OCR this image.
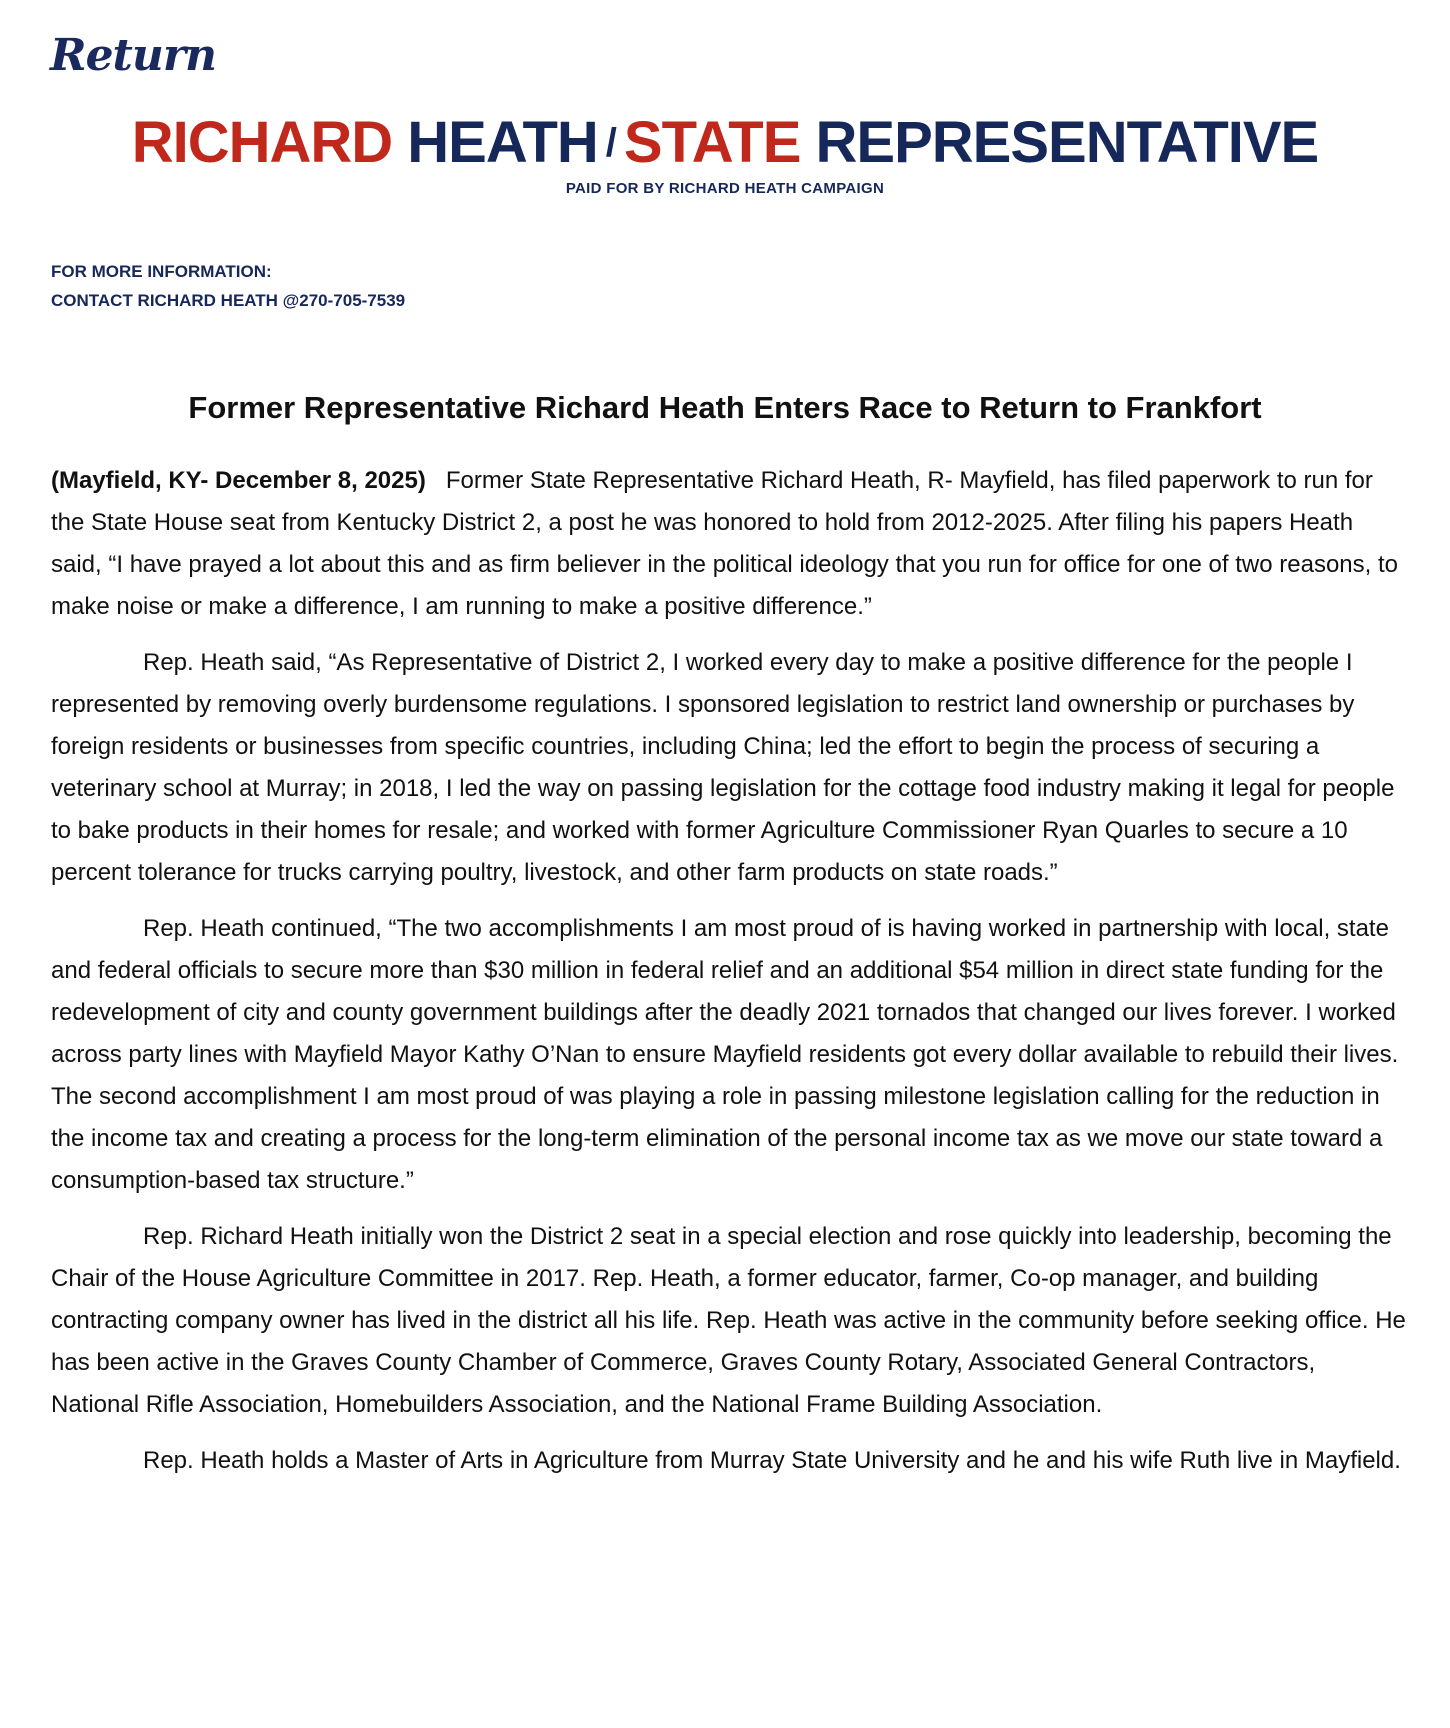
Return
RICHARD HEATH / STATE REPRESENTATIVE
PAID FOR BY RICHARD HEATH CAMPAIGN
FOR MORE INFORMATION:
CONTACT RICHARD HEATH @270-705-7539
Former Representative Richard Heath Enters Race to Return to Frankfort

(Mayfield, KY- December 8, 2025) Former State Representative Richard Heath, R- Mayfield, has filed paperwork to run for the State House seat from Kentucky District 2, a post he was honored to hold from 2012-2025. After filing his papers Heath said, “I have prayed a lot about this and as firm believer in the political ideology that you run for office for one of two reasons, to make noise or make a difference, I am running to make a positive difference.”

Rep. Heath said, “As Representative of District 2, I worked every day to make a positive difference for the people I represented by removing overly burdensome regulations. I sponsored legislation to restrict land ownership or purchases by foreign residents or businesses from specific countries, including China; led the effort to begin the process of securing a veterinary school at Murray; in 2018, I led the way on passing legislation for the cottage food industry making it legal for people to bake products in their homes for resale; and worked with former Agriculture Commissioner Ryan Quarles to secure a 10 percent tolerance for trucks carrying poultry, livestock, and other farm products on state roads.”

Rep. Heath continued, “The two accomplishments I am most proud of is having worked in partnership with local, state and federal officials to secure more than $30 million in federal relief and an additional $54 million in direct state funding for the redevelopment of city and county government buildings after the deadly 2021 tornados that changed our lives forever. I worked across party lines with Mayfield Mayor Kathy O’Nan to ensure Mayfield residents got every dollar available to rebuild their lives. The second accomplishment I am most proud of was playing a role in passing milestone legislation calling for the reduction in the income tax and creating a process for the long-term elimination of the personal income tax as we move our state toward a consumption-based tax structure.”

Rep. Richard Heath initially won the District 2 seat in a special election and rose quickly into leadership, becoming the Chair of the House Agriculture Committee in 2017. Rep. Heath, a former educator, farmer, Co-op manager, and building contracting company owner has lived in the district all his life. Rep. Heath was active in the community before seeking office. He has been active in the Graves County Chamber of Commerce, Graves County Rotary, Associated General Contractors, National Rifle Association, Homebuilders Association, and the National Frame Building Association.

Rep. Heath holds a Master of Arts in Agriculture from Murray State University and he and his wife Ruth live in Mayfield.
